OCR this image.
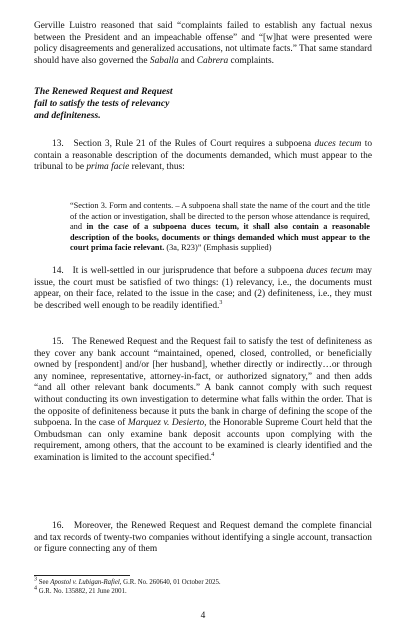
Gerville Luistro reasoned that said “complaints failed to establish any factual nexus between the President and an impeachable offense” and “[w]hat were presented were policy disagreements and generalized accusations, not ultimate facts.” That same standard should have also governed the Saballa and Cabrera complaints.

The Renewed Request and Request
fail to satisfy the tests of relevancy
and definiteness.

13.   Section 3, Rule 21 of the Rules of Court requires a subpoena duces tecum to contain a reasonable description of the documents demanded, which must appear to the tribunal to be prima facie relevant, thus:

“Section 3. Form and contents. – A subpoena shall state the name of the court and the title of the action or investigation, shall be directed to the person whose attendance is required, and in the case of a subpoena duces tecum, it shall also contain a reasonable description of the books, documents or things demanded which must appear to the court prima facie relevant. (3a, R23)” (Emphasis supplied)

14.   It is well-settled in our jurisprudence that before a subpoena duces tecum may issue, the court must be satisfied of two things: (1) relevancy, i.e., the documents must appear, on their face, related to the issue in the case; and (2) definiteness, i.e., they must be described well enough to be readily identified.$^3$

15.   The Renewed Request and the Request fail to satisfy the test of definiteness as they cover any bank account “maintained, opened, closed, controlled, or beneficially owned by [respondent] and/or [her husband], whether directly or indirectly…or through any nominee, representative, attorney-in-fact, or authorized signatory,” and then adds “and all other relevant bank documents.” A bank cannot comply with such request without conducting its own investigation to determine what falls within the order. That is the opposite of definiteness because it puts the bank in charge of defining the scope of the subpoena. In the case of Marquez v. Desierto, the Honorable Supreme Court held that the Ombudsman can only examine bank deposit accounts upon complying with the requirement, among others, that the account to be examined is clearly identified and the examination is limited to the account specified.$^4$

16.   Moreover, the Renewed Request and Request demand the complete financial and tax records of twenty-two companies without identifying a single account, transaction or figure connecting any of them

$^3$ See Apostol v. Lubigan-Rafiel, G.R. No. 260640, 01 October 2025.

$^4$ G.R. No. 135882, 21 June 2001.

4
